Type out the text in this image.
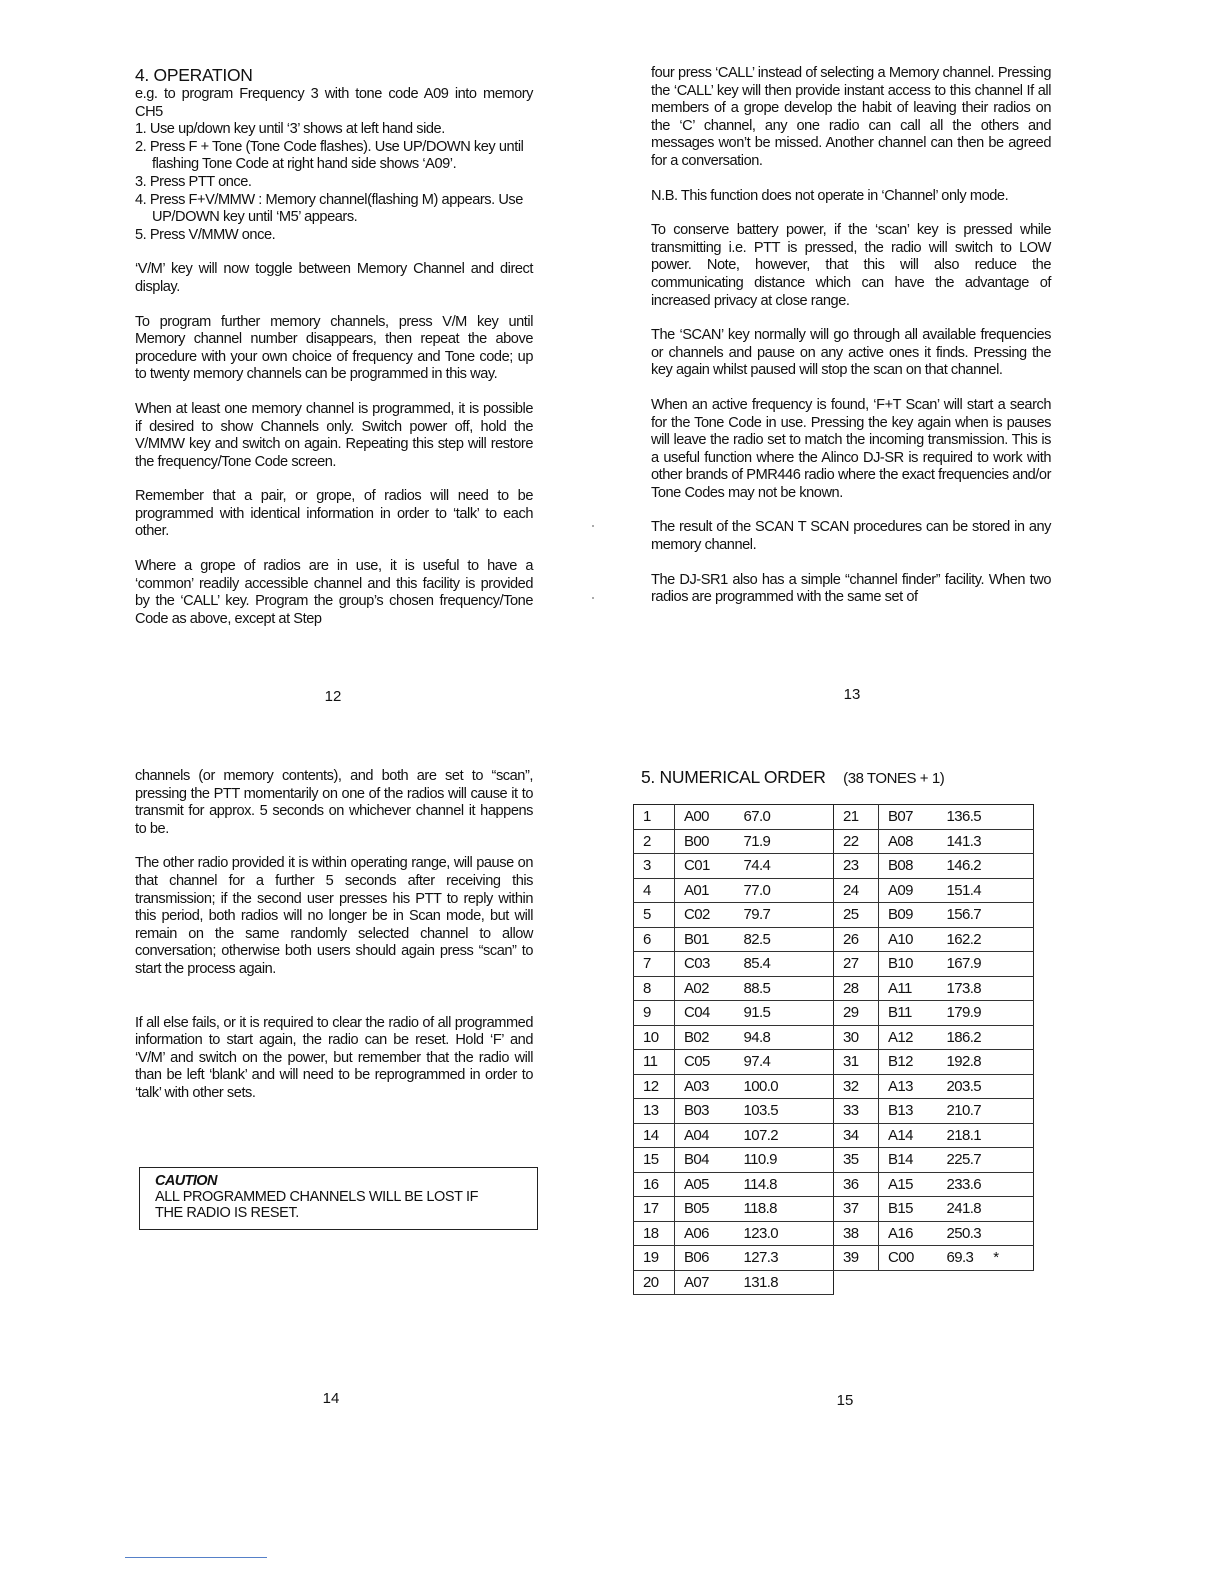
4. OPERATION

e.g. to program Frequency 3 with tone code A09 into memory CH5

1. Use up/down key until ‘3’ shows at left hand side.
2. Press F + Tone (Tone Code flashes). Use UP/DOWN key until flashing Tone Code at right hand side shows ‘A09’.
3. Press PTT once.
4. Press F+V/MMW : Memory channel(flashing M) appears. Use UP/DOWN key until ‘M5’ appears.
5. Press V/MMW once.

‘V/M’ key will now toggle between Memory Channel and direct display.

To program further memory channels, press V/M key until Memory channel number disappears, then repeat the above procedure with your own choice of frequency and Tone code; up to twenty memory channels can be programmed in this way.

When at least one memory channel is programmed, it is possible if desired to show Channels only. Switch power off, hold the V/MMW key and switch on again. Repeating this step will restore the frequency/Tone Code screen.

Remember that a pair, or grope, of radios will need to be programmed with identical information in order to ‘talk’ to each other.

Where a grope of radios are in use, it is useful to have a ‘common’ readily accessible channel and this facility is provided by the ‘CALL’ key. Program the group’s chosen frequency/Tone Code as above, except at Step

12

four press ‘CALL’ instead of selecting a Memory channel. Pressing the ‘CALL’ key will then provide instant access to this channel If all members of a grope develop the habit of leaving their radios on the ‘C’ channel, any one radio can call all the others and messages won’t be missed. Another channel can then be agreed for a conversation.

N.B. This function does not operate in ‘Channel’ only mode.

To conserve battery power, if the ‘scan’ key is pressed while transmitting i.e. PTT is pressed, the radio will switch to LOW power. Note, however, that this will also reduce the communicating distance which can have the advantage of increased privacy at close range.

The ‘SCAN’ key normally will go through all available frequencies or channels and pause on any active ones it finds. Pressing the key again whilst paused will stop the scan on that channel.

When an active frequency is found, ‘F+T Scan’ will start a search for the Tone Code in use. Pressing the key again when is pauses will leave the radio set to match the incoming transmission. This is a useful function where the Alinco DJ-SR is required to work with other brands of PMR446 radio where the exact frequencies and/or Tone Codes may not be known.

The result of the SCAN T SCAN procedures can be stored in any memory channel.

The DJ-SR1 also has a simple “channel finder” facility. When two radios are programmed with the same set of

13

channels (or memory contents), and both are set to “scan”, pressing the PTT momentarily on one of the radios will cause it to transmit for approx. 5 seconds on whichever channel it happens to be.

The other radio provided it is within operating range, will pause on that channel for a further 5 seconds after receiving this transmission; if the second user presses his PTT to reply within this period, both radios will no longer be in Scan mode, but will remain on the same randomly selected channel to allow conversation; otherwise both users should again press “scan” to start the process again.

If all else fails, or it is required to clear the radio of all programmed information to start again, the radio can be reset. Hold ‘F’ and ‘V/M’ and switch on the power, but remember that the radio will than be left ‘blank’ and will need to be reprogrammed in order to ‘talk’ with other sets.

CAUTION
ALL PROGRAMMED CHANNELS WILL BE LOST IF
THE RADIO IS RESET.
14
5. NUMERICAL ORDER (38 TONES + 1)
1	A00	67.0	21	B07	136.5
2	B00	71.9	22	A08	141.3
3	C01	74.4	23	B08	146.2
4	A01	77.0	24	A09	151.4
5	C02	79.7	25	B09	156.7
6	B01	82.5	26	A10	162.2
7	C03	85.4	27	B10	167.9
8	A02	88.5	28	A11	173.8
9	C04	91.5	29	B11	179.9
10	B02	94.8	30	A12	186.2
11	C05	97.4	31	B12	192.8
12	A03	100.0	32	A13	203.5
13	B03	103.5	33	B13	210.7
14	A04	107.2	34	A14	218.1
15	B04	110.9	35	B14	225.7
16	A05	114.8	36	A15	233.6
17	B05	118.8	37	B15	241.8
18	A06	123.0	38	A16	250.3
19	B06	127.3	39	C00	69.3 *
20	A07	131.8			
15
